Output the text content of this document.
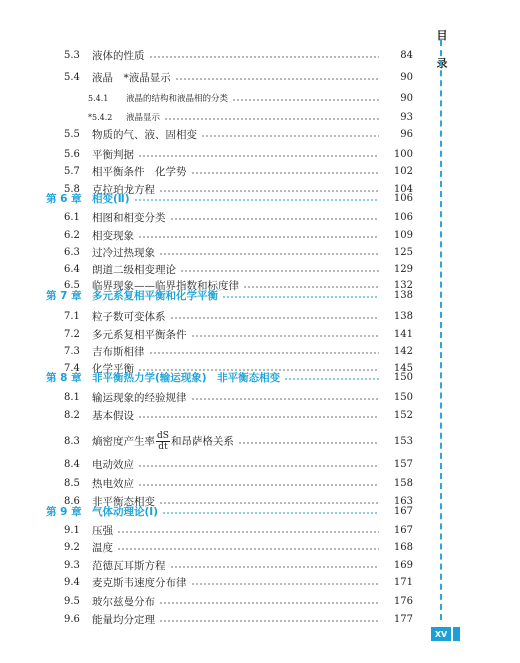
5.3	液体的性质	84
5.4	液晶　*液晶显示	90
5.4.1	液晶的结构和液晶相的分类	90
*5.4.2	液晶显示	93
5.5	物质的气、液、固相变	96
5.6	平衡判据	100
5.7	相平衡条件　化学势	102
5.8	克拉珀龙方程	104
第 6 章 相变(Ⅱ)	106
6.1	相图和相变分类	106
6.2	相变现象	109
6.3	过冷过热现象	125
6.4	朗道二级相变理论	129
6.5	临界现象——临界指数和标度律	132
第 7 章 多元系复相平衡和化学平衡	138
7.1	粒子数可变体系	138
7.2	多元系复相平衡条件	141
7.3	吉布斯相律	142
7.4	化学平衡	145
第 8 章 非平衡热力学(输运现象)　非平衡态相变	150
8.1	输运现象的经验规律	150
8.2	基本假设	152
8.3	熵密度产生率 $\frac{dS}{dt}$ 和昂萨格关系	153
8.4	电动效应	157
8.5	热电效应	158
8.6	非平衡态相变	163
第 9 章 气体动理论(Ⅰ)	167
9.1	压强	167
9.2	温度	168
9.3	范德瓦耳斯方程	169
9.4	麦克斯韦速度分布律	171
9.5	玻尔兹曼分布	176
9.6	能量均分定理	177
目
录
XV
